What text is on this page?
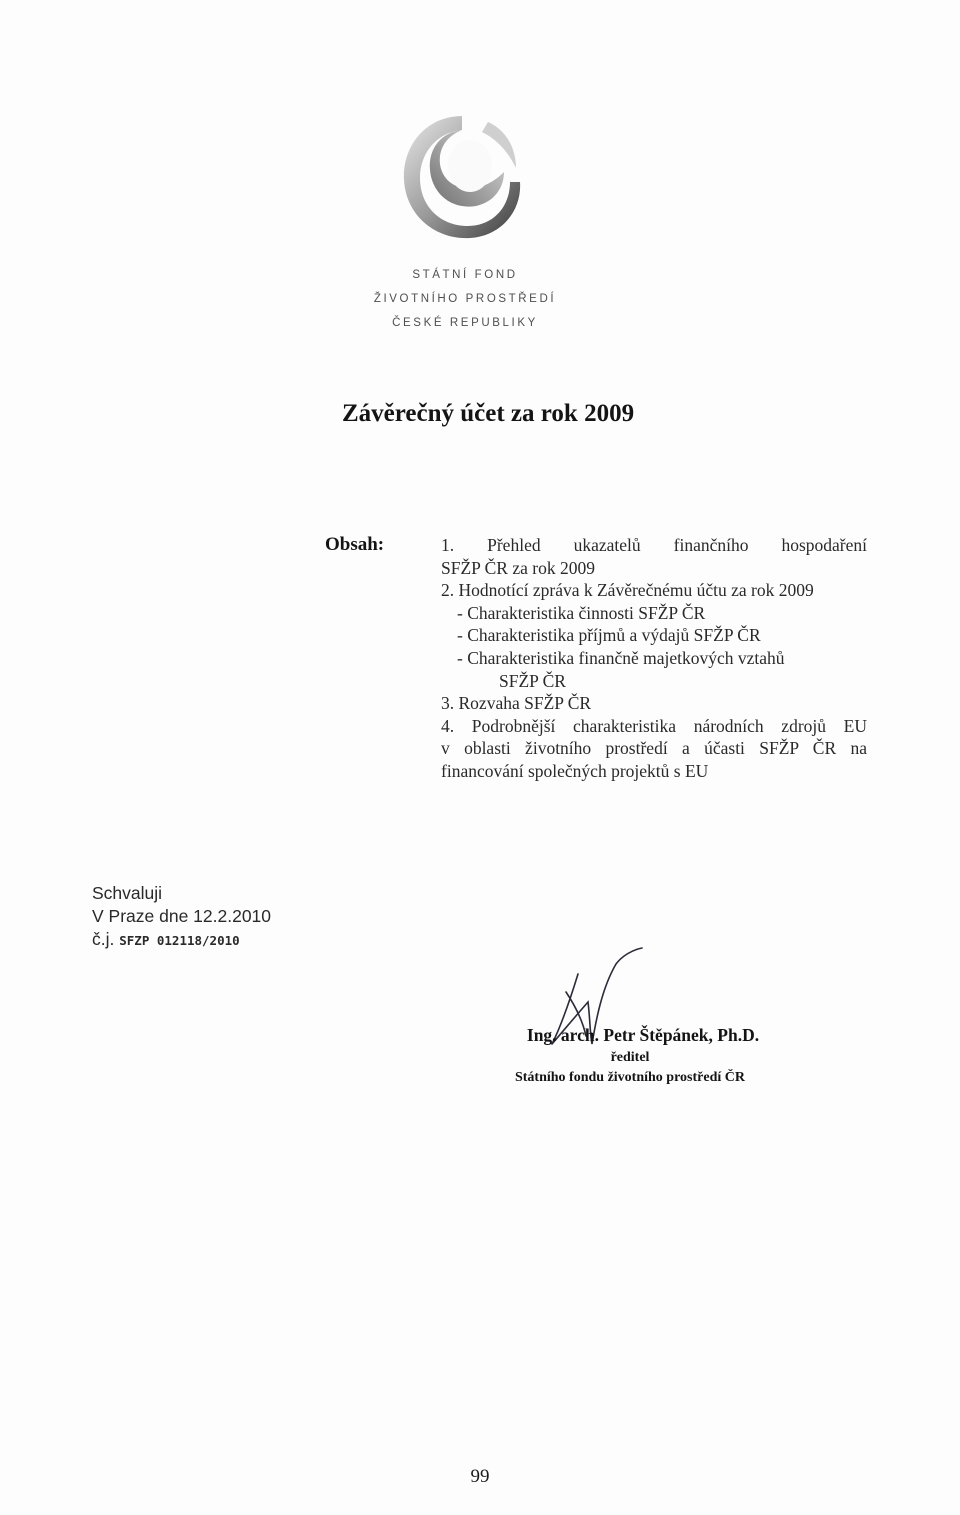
STÁTNÍ FOND
ŽIVOTNÍHO PROSTŘEDÍ
ČESKÉ REPUBLIKY
Závěrečný účet za rok 2009
Obsah:	1. Přehled ukazatelů finančního hospodaření
SFŽP ČR za rok 2009
2. Hodnotící zpráva k Závěrečnému účtu za rok 2009
- Charakteristika činnosti SFŽP ČR
- Charakteristika příjmů a výdajů SFŽP ČR
- Charakteristika finančně majetkových vztahů
SFŽP ČR
3. Rozvaha SFŽP ČR
4. Podrobnější charakteristika národních zdrojů EU
v oblasti životního prostředí a účasti SFŽP ČR na
financování společných projektů s EU
Schvaluji
V Praze dne 12.2.2010
č.j. SFZP 012118/2010
Ing. arch. Petr Štěpánek, Ph.D.
ředitel
Státního fondu životního prostředí ČR
99
